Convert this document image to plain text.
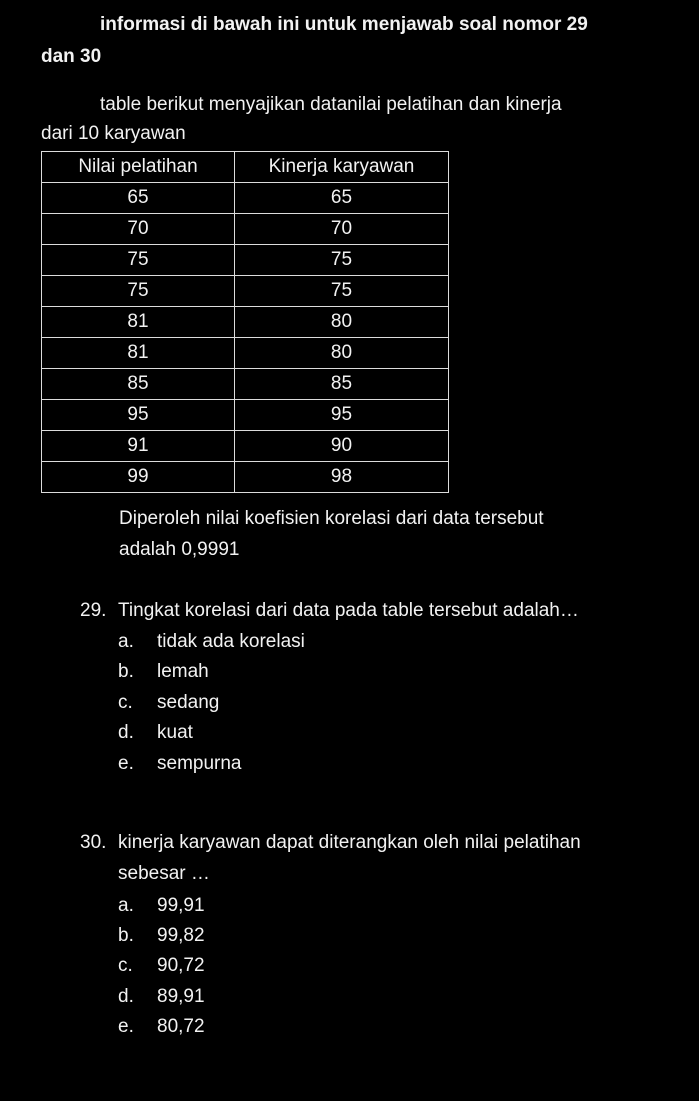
informasi di bawah ini untuk menjawab soal nomor 29
dan 30
table berikut menyajikan datanilai pelatihan dan kinerja
dari 10 karyawan
Nilai pelatihan	Kinerja karyawan
65	65
70	70
75	75
75	75
81	80
81	80
85	85
95	95
91	90
99	98
Diperoleh nilai koefisien korelasi dari data tersebut
adalah 0,9991
29. Tingkat korelasi dari data pada table tersebut adalah…
a. tidak ada korelasi
b. lemah
c. sedang
d. kuat
e. sempurna
30. kinerja karyawan dapat diterangkan oleh nilai pelatihan
sebesar …
a. 99,91
b. 99,82
c. 90,72
d. 89,91
e. 80,72
